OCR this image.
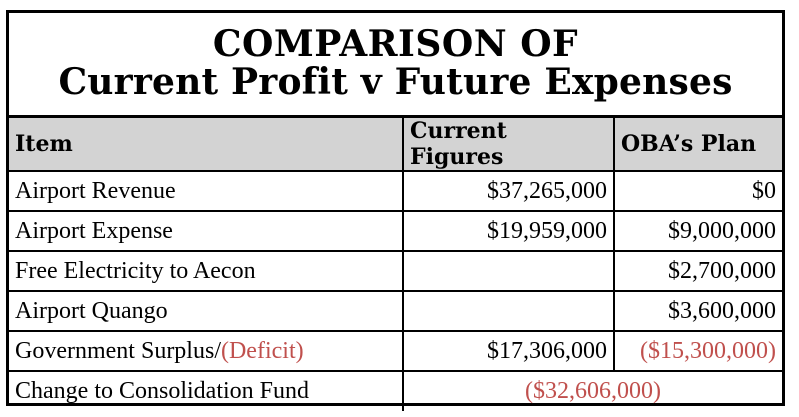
COMPARISON OF
Current Profit v Future Expenses
Item	Current Figures	OBA’s Plan
Airport Revenue	$37,265,000	$0
Airport Expense	$19,959,000	$9,000,000
Free Electricity to Aecon		$2,700,000
Airport Quango		$3,600,000
Government Surplus/(Deficit)	$17,306,000	($15,300,000)
Change to Consolidation Fund	($32,606,000)	
